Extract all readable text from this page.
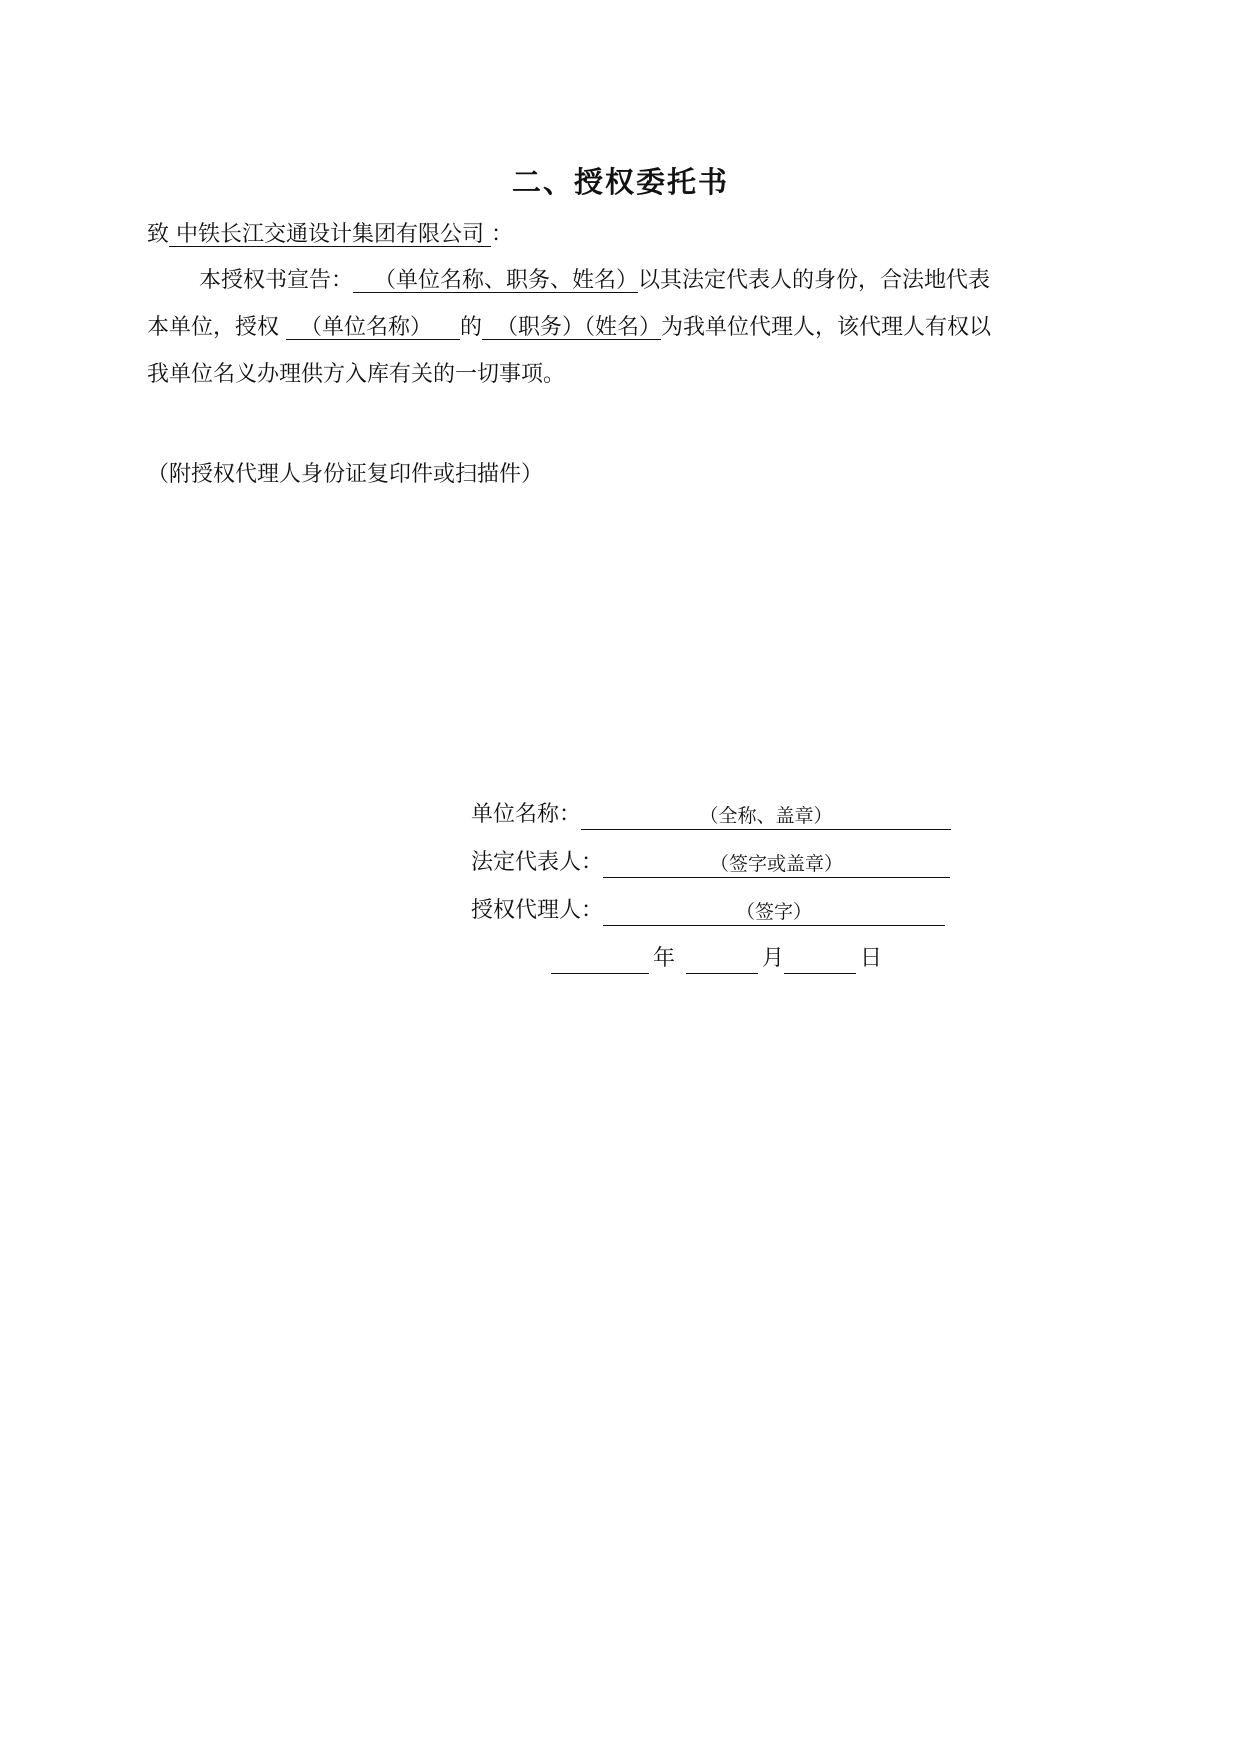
二、授权委托书
致 中铁长江交通设计集团有限公司 ：
本授权书宣告： （单位名称、职务、姓名）以其法定代表人的身份，合法地代表
本单位，授权 （单位名称） 的 （职务）（姓名）为我单位代理人，该代理人有权以
我单位名义办理供方入库有关的一切事项。
（附授权代理人身份证复印件或扫描件）
单位名称：	（全称、盖章）
法定代表人：	（签字或盖章）
授权代理人：	（签字）
年	月	日
